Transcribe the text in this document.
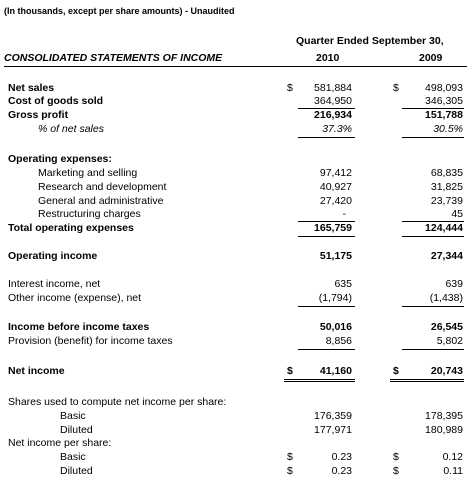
(In thousands, except per share amounts) - Unaudited
Quarter Ended September 30,
CONSOLIDATED STATEMENTS OF INCOME	2010	2009
Net sales	$	581,884	$	498,093
Cost of goods sold	364,950	346,305
Gross profit	216,934	151,788
% of net sales	37.3%	30.5%
Operating expenses:
Marketing and selling	97,412	68,835
Research and development	40,927	31,825
General and administrative	27,420	23,739
Restructuring charges	-	45
Total operating expenses	165,759	124,444
Operating income	51,175	27,344
Interest income, net	635	639
Other income (expense), net	(1,794)	(1,438)
Income before income taxes	50,016	26,545
Provision (benefit) for income taxes	8,856	5,802
Net income	$	41,160	$	20,743
Shares used to compute net income per share:
Basic	176,359	178,395
Diluted	177,971	180,989
Net income per share:
Basic	$	0.23	$	0.12
Diluted	$	0.23	$	0.11
